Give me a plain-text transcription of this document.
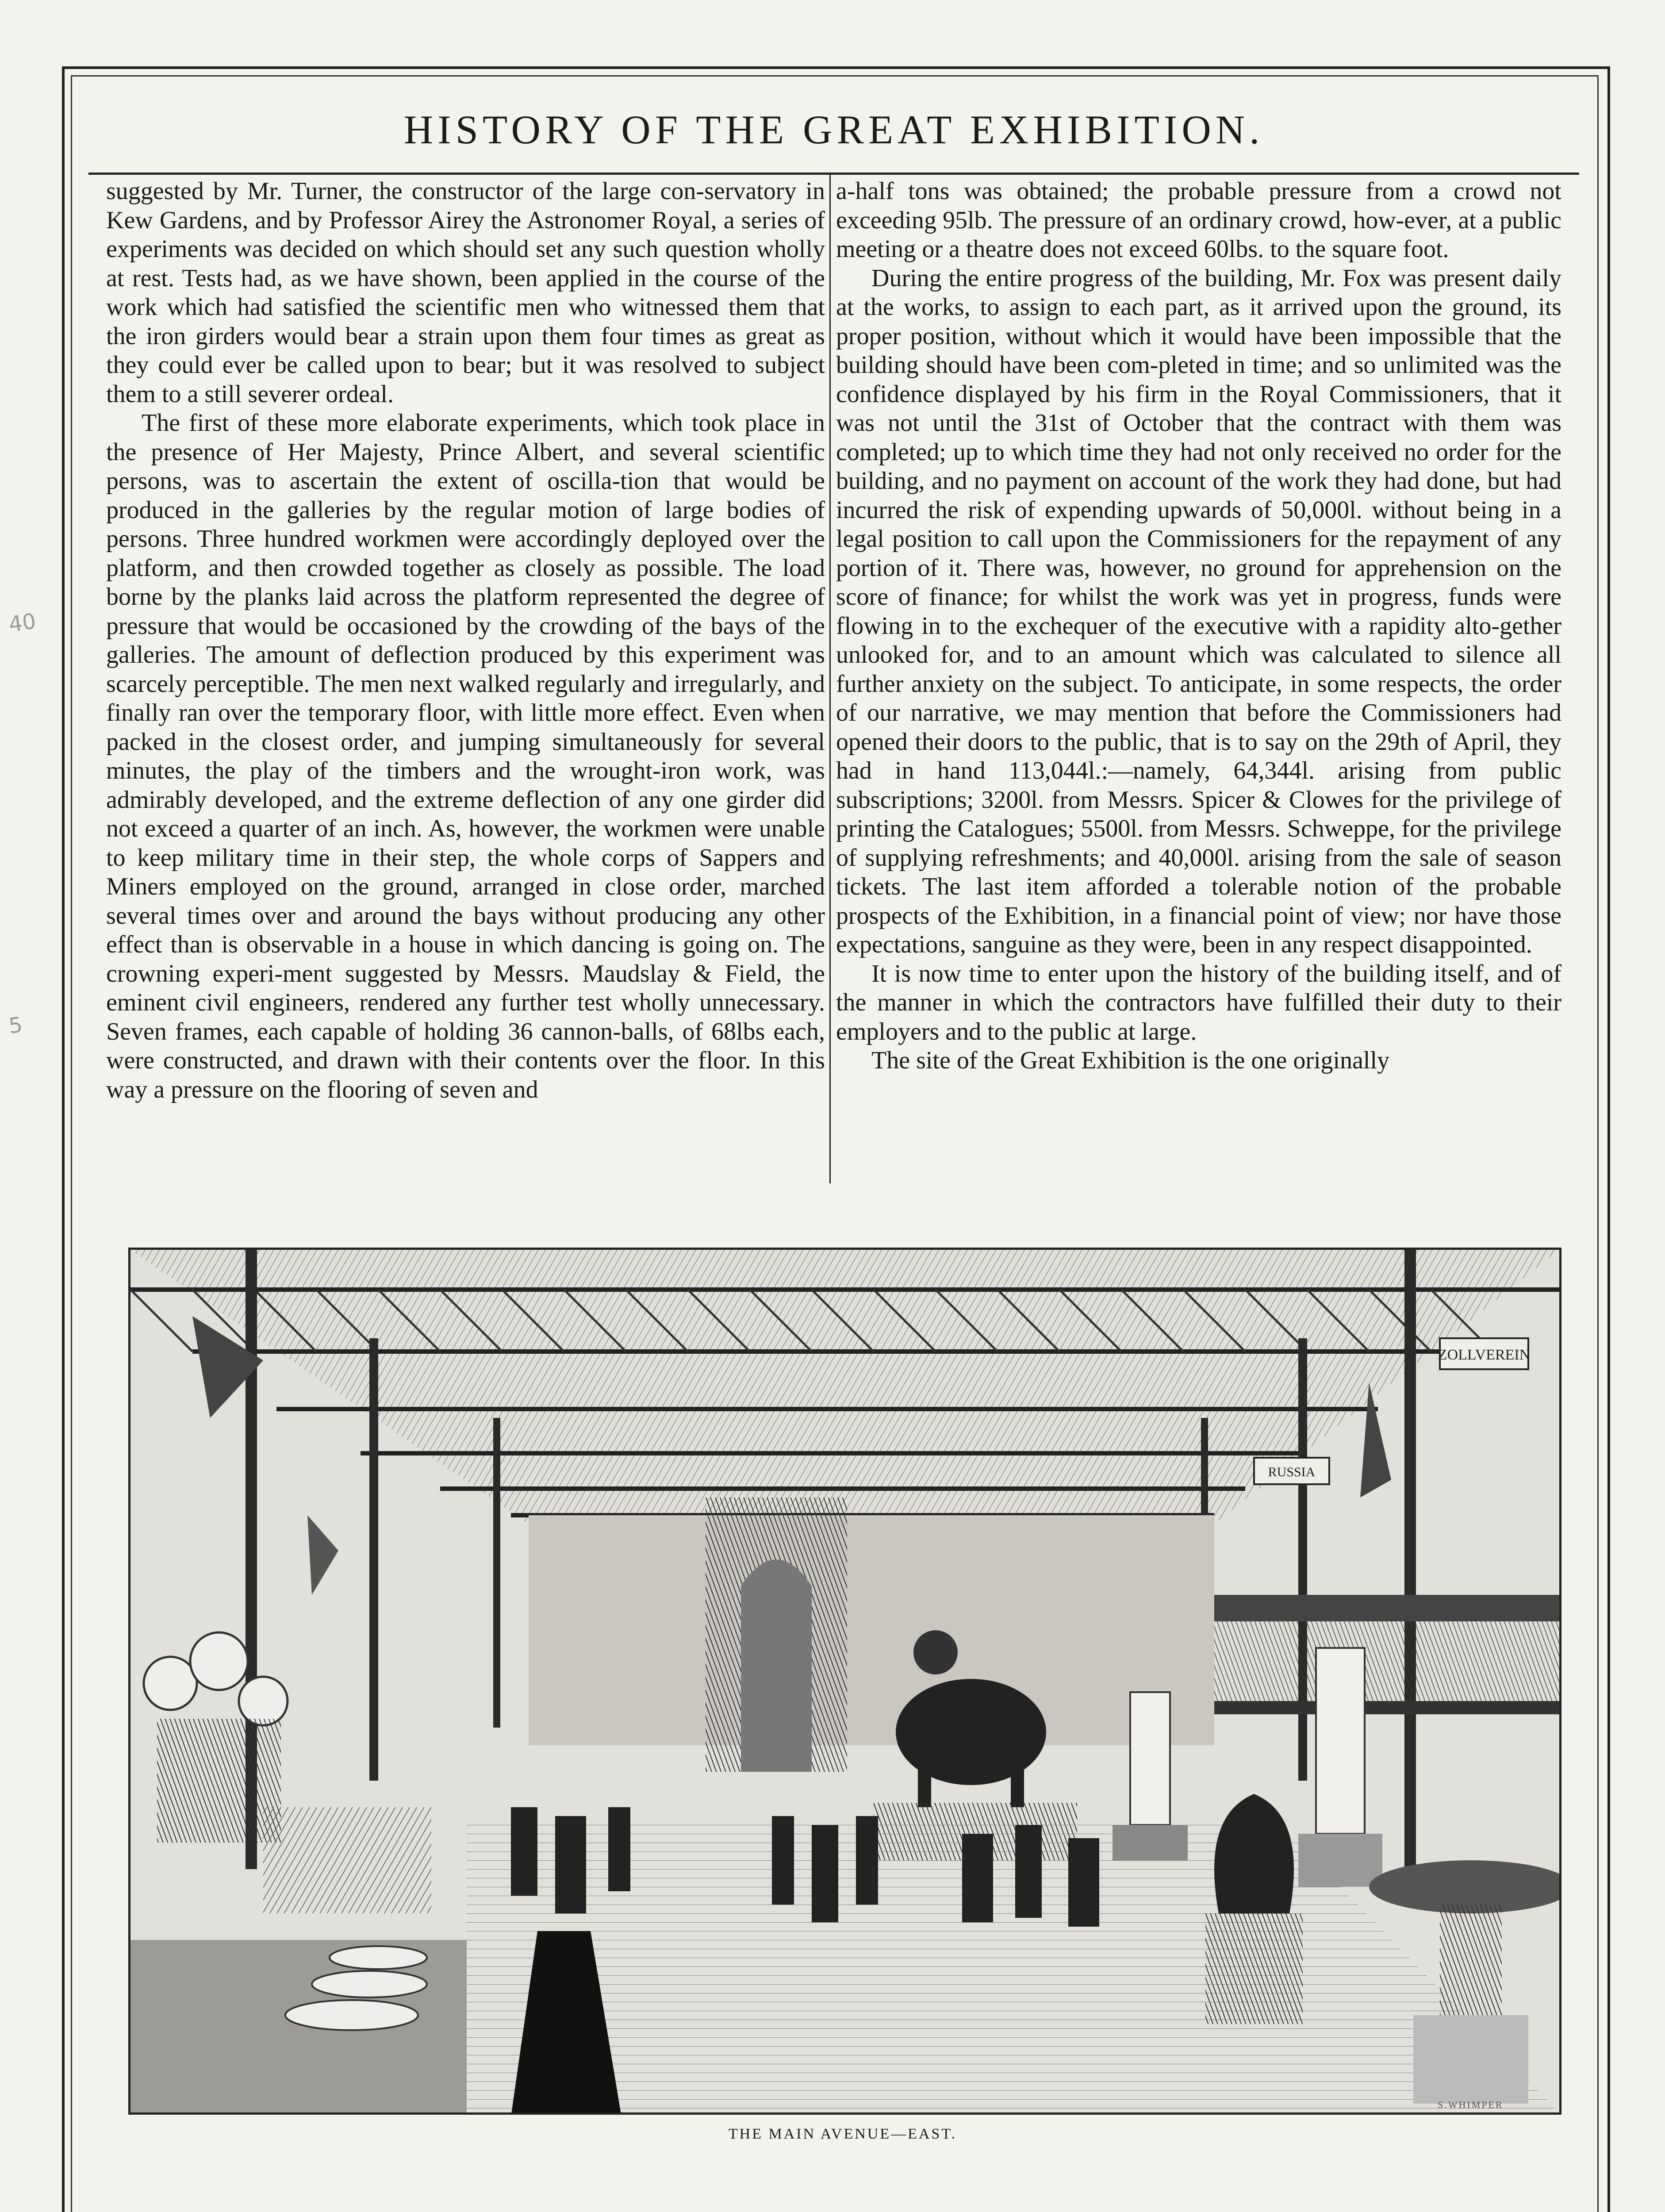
HISTORY OF THE GREAT EXHIBITION.

suggested by Mr. Turner, the constructor of the large con-servatory in Kew Gardens, and by Professor Airey the Astronomer Royal, a series of experiments was decided on which should set any such question wholly at rest. Tests had, as we have shown, been applied in the course of the work which had satisfied the scientific men who witnessed them that the iron girders would bear a strain upon them four times as great as they could ever be called upon to bear; but it was resolved to subject them to a still severer ordeal.

The first of these more elaborate experiments, which took place in the presence of Her Majesty, Prince Albert, and several scientific persons, was to ascertain the extent of oscilla-tion that would be produced in the galleries by the regular motion of large bodies of persons. Three hundred workmen were accordingly deployed over the platform, and then crowded together as closely as possible. The load borne by the planks laid across the platform represented the degree of pressure that would be occasioned by the crowding of the bays of the galleries. The amount of deflection produced by this experiment was scarcely perceptible. The men next walked regularly and irregularly, and finally ran over the temporary floor, with little more effect. Even when packed in the closest order, and jumping simultaneously for several minutes, the play of the timbers and the wrought-iron work, was admirably developed, and the extreme deflection of any one girder did not exceed a quarter of an inch. As, however, the workmen were unable to keep military time in their step, the whole corps of Sappers and Miners employed on the ground, arranged in close order, marched several times over and around the bays without producing any other effect than is observable in a house in which dancing is going on. The crowning experi-ment suggested by Messrs. Maudslay & Field, the eminent civil engineers, rendered any further test wholly unnecessary. Seven frames, each capable of holding 36 cannon-balls, of 68lbs each, were constructed, and drawn with their contents over the floor. In this way a pressure on the flooring of seven and

a-half tons was obtained; the probable pressure from a crowd not exceeding 95lb. The pressure of an ordinary crowd, how-ever, at a public meeting or a theatre does not exceed 60lbs. to the square foot.

During the entire progress of the building, Mr. Fox was present daily at the works, to assign to each part, as it arrived upon the ground, its proper position, without which it would have been impossible that the building should have been com-pleted in time; and so unlimited was the confidence displayed by his firm in the Royal Commissioners, that it was not until the 31st of October that the contract with them was completed; up to which time they had not only received no order for the building, and no payment on account of the work they had done, but had incurred the risk of expending upwards of 50,000l. without being in a legal position to call upon the Commissioners for the repayment of any portion of it. There was, however, no ground for apprehension on the score of finance; for whilst the work was yet in progress, funds were flowing in to the exchequer of the executive with a rapidity alto-gether unlooked for, and to an amount which was calculated to silence all further anxiety on the subject. To anticipate, in some respects, the order of our narrative, we may mention that before the Commissioners had opened their doors to the public, that is to say on the 29th of April, they had in hand 113,044l.:—namely, 64,344l. arising from public subscriptions; 3200l. from Messrs. Spicer & Clowes for the privilege of printing the Catalogues; 5500l. from Messrs. Schweppe, for the privilege of supplying refreshments; and 40,000l. arising from the sale of season tickets. The last item afforded a tolerable notion of the probable prospects of the Exhibition, in a financial point of view; nor have those expectations, sanguine as they were, been in any respect disappointed.

It is now time to enter upon the history of the building itself, and of the manner in which the contractors have fulfilled their duty to their employers and to the public at large.

The site of the Great Exhibition is the one originally

40
5
ZOLLVEREIN
RUSSIA
S.WHIMPER
THE MAIN AVENUE—EAST.
